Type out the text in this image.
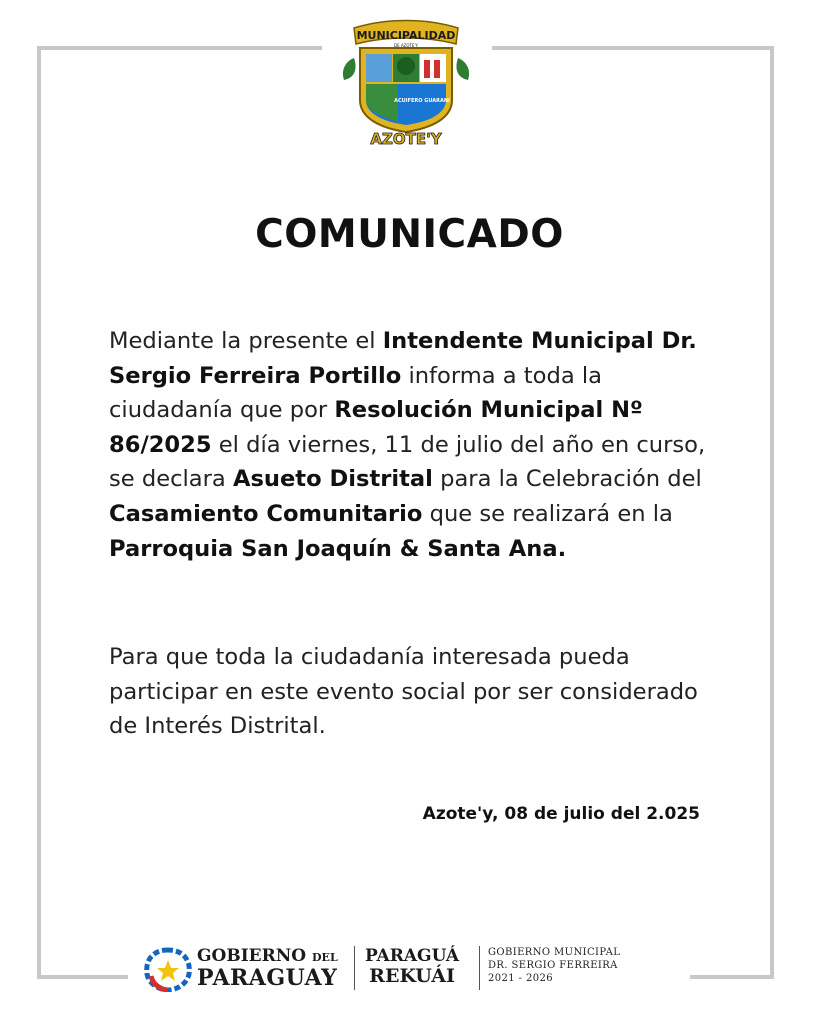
MUNICIPALIDAD
DE AZOTE'Y
ACUIFERO GUARANI
AZOTE'Y
COMUNICADO
Mediante la presente el Intendente Municipal Dr. Sergio Ferreira Portillo informa a toda la ciudadanía que por Resolución Municipal Nº 86/2025 el día viernes, 11 de julio del año en curso, se declara Asueto Distrital para la Celebración del Casamiento Comunitario que se realizará en la Parroquia San Joaquín & Santa Ana.
Para que toda la ciudadanía interesada pueda participar en este evento social por ser considerado de Interés Distrital.
Azote'y, 08 de julio del 2.025
GOBIERNO DEL
PARAGUAY
PARAGUÁ
REKUÁI
GOBIERNO MUNICIPAL
DR. SERGIO FERREIRA
2021 - 2026
